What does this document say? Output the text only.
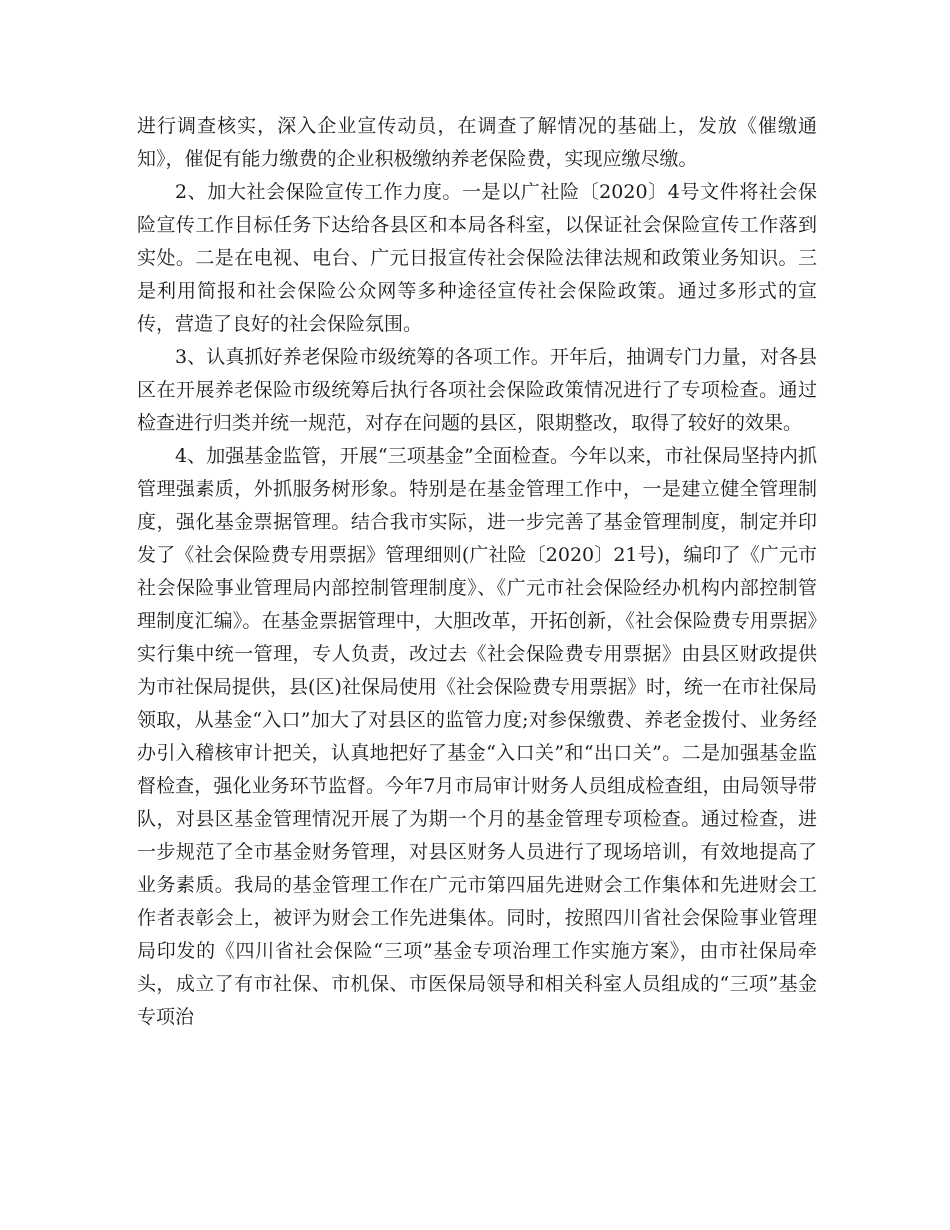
进行调查核实，深入企业宣传动员，在调查了解情况的基础上，发放《催缴通知》，催促有能力缴费的企业积极缴纳养老保险费，实现应缴尽缴。

2、加大社会保险宣传工作力度。一是以广社险〔2020〕4号文件将社会保险宣传工作目标任务下达给各县区和本局各科室，以保证社会保险宣传工作落到实处。二是在电视、电台、广元日报宣传社会保险法律法规和政策业务知识。三是利用简报和社会保险公众网等多种途径宣传社会保险政策。通过多形式的宣传，营造了良好的社会保险氛围。

3、认真抓好养老保险市级统筹的各项工作。开年后，抽调专门力量，对各县区在开展养老保险市级统筹后执行各项社会保险政策情况进行了专项检查。通过检查进行归类并统一规范，对存在问题的县区，限期整改，取得了较好的效果。

4、加强基金监管，开展“三项基金”全面检查。今年以来，市社保局坚持内抓管理强素质，外抓服务树形象。特别是在基金管理工作中，一是建立健全管理制度，强化基金票据管理。结合我市实际，进一步完善了基金管理制度，制定并印发了《社会保险费专用票据》管理细则(广社险〔2020〕21号)，编印了《广元市社会保险事业管理局内部控制管理制度》、《广元市社会保险经办机构内部控制管理制度汇编》。在基金票据管理中，大胆改革，开拓创新，《社会保险费专用票据》实行集中统一管理，专人负责，改过去《社会保险费专用票据》由县区财政提供为市社保局提供，县(区)社保局使用《社会保险费专用票据》时，统一在市社保局领取，从基金“入口”加大了对县区的监管力度;对参保缴费、养老金拨付、业务经办引入稽核审计把关，认真地把好了基金“入口关”和“出口关”。二是加强基金监督检查，强化业务环节监督。今年7月市局审计财务人员组成检查组，由局领导带队，对县区基金管理情况开展了为期一个月的基金管理专项检查。通过检查，进一步规范了全市基金财务管理，对县区财务人员进行了现场培训，有效地提高了业务素质。我局的基金管理工作在广元市第四届先进财会工作集体和先进财会工作者表彰会上，被评为财会工作先进集体。同时，按照四川省社会保险事业管理局印发的《四川省社会保险“三项”基金专项治理工作实施方案》，由市社保局牵头，成立了有市社保、市机保、市医保局领导和相关科室人员组成的“三项”基金专项治
